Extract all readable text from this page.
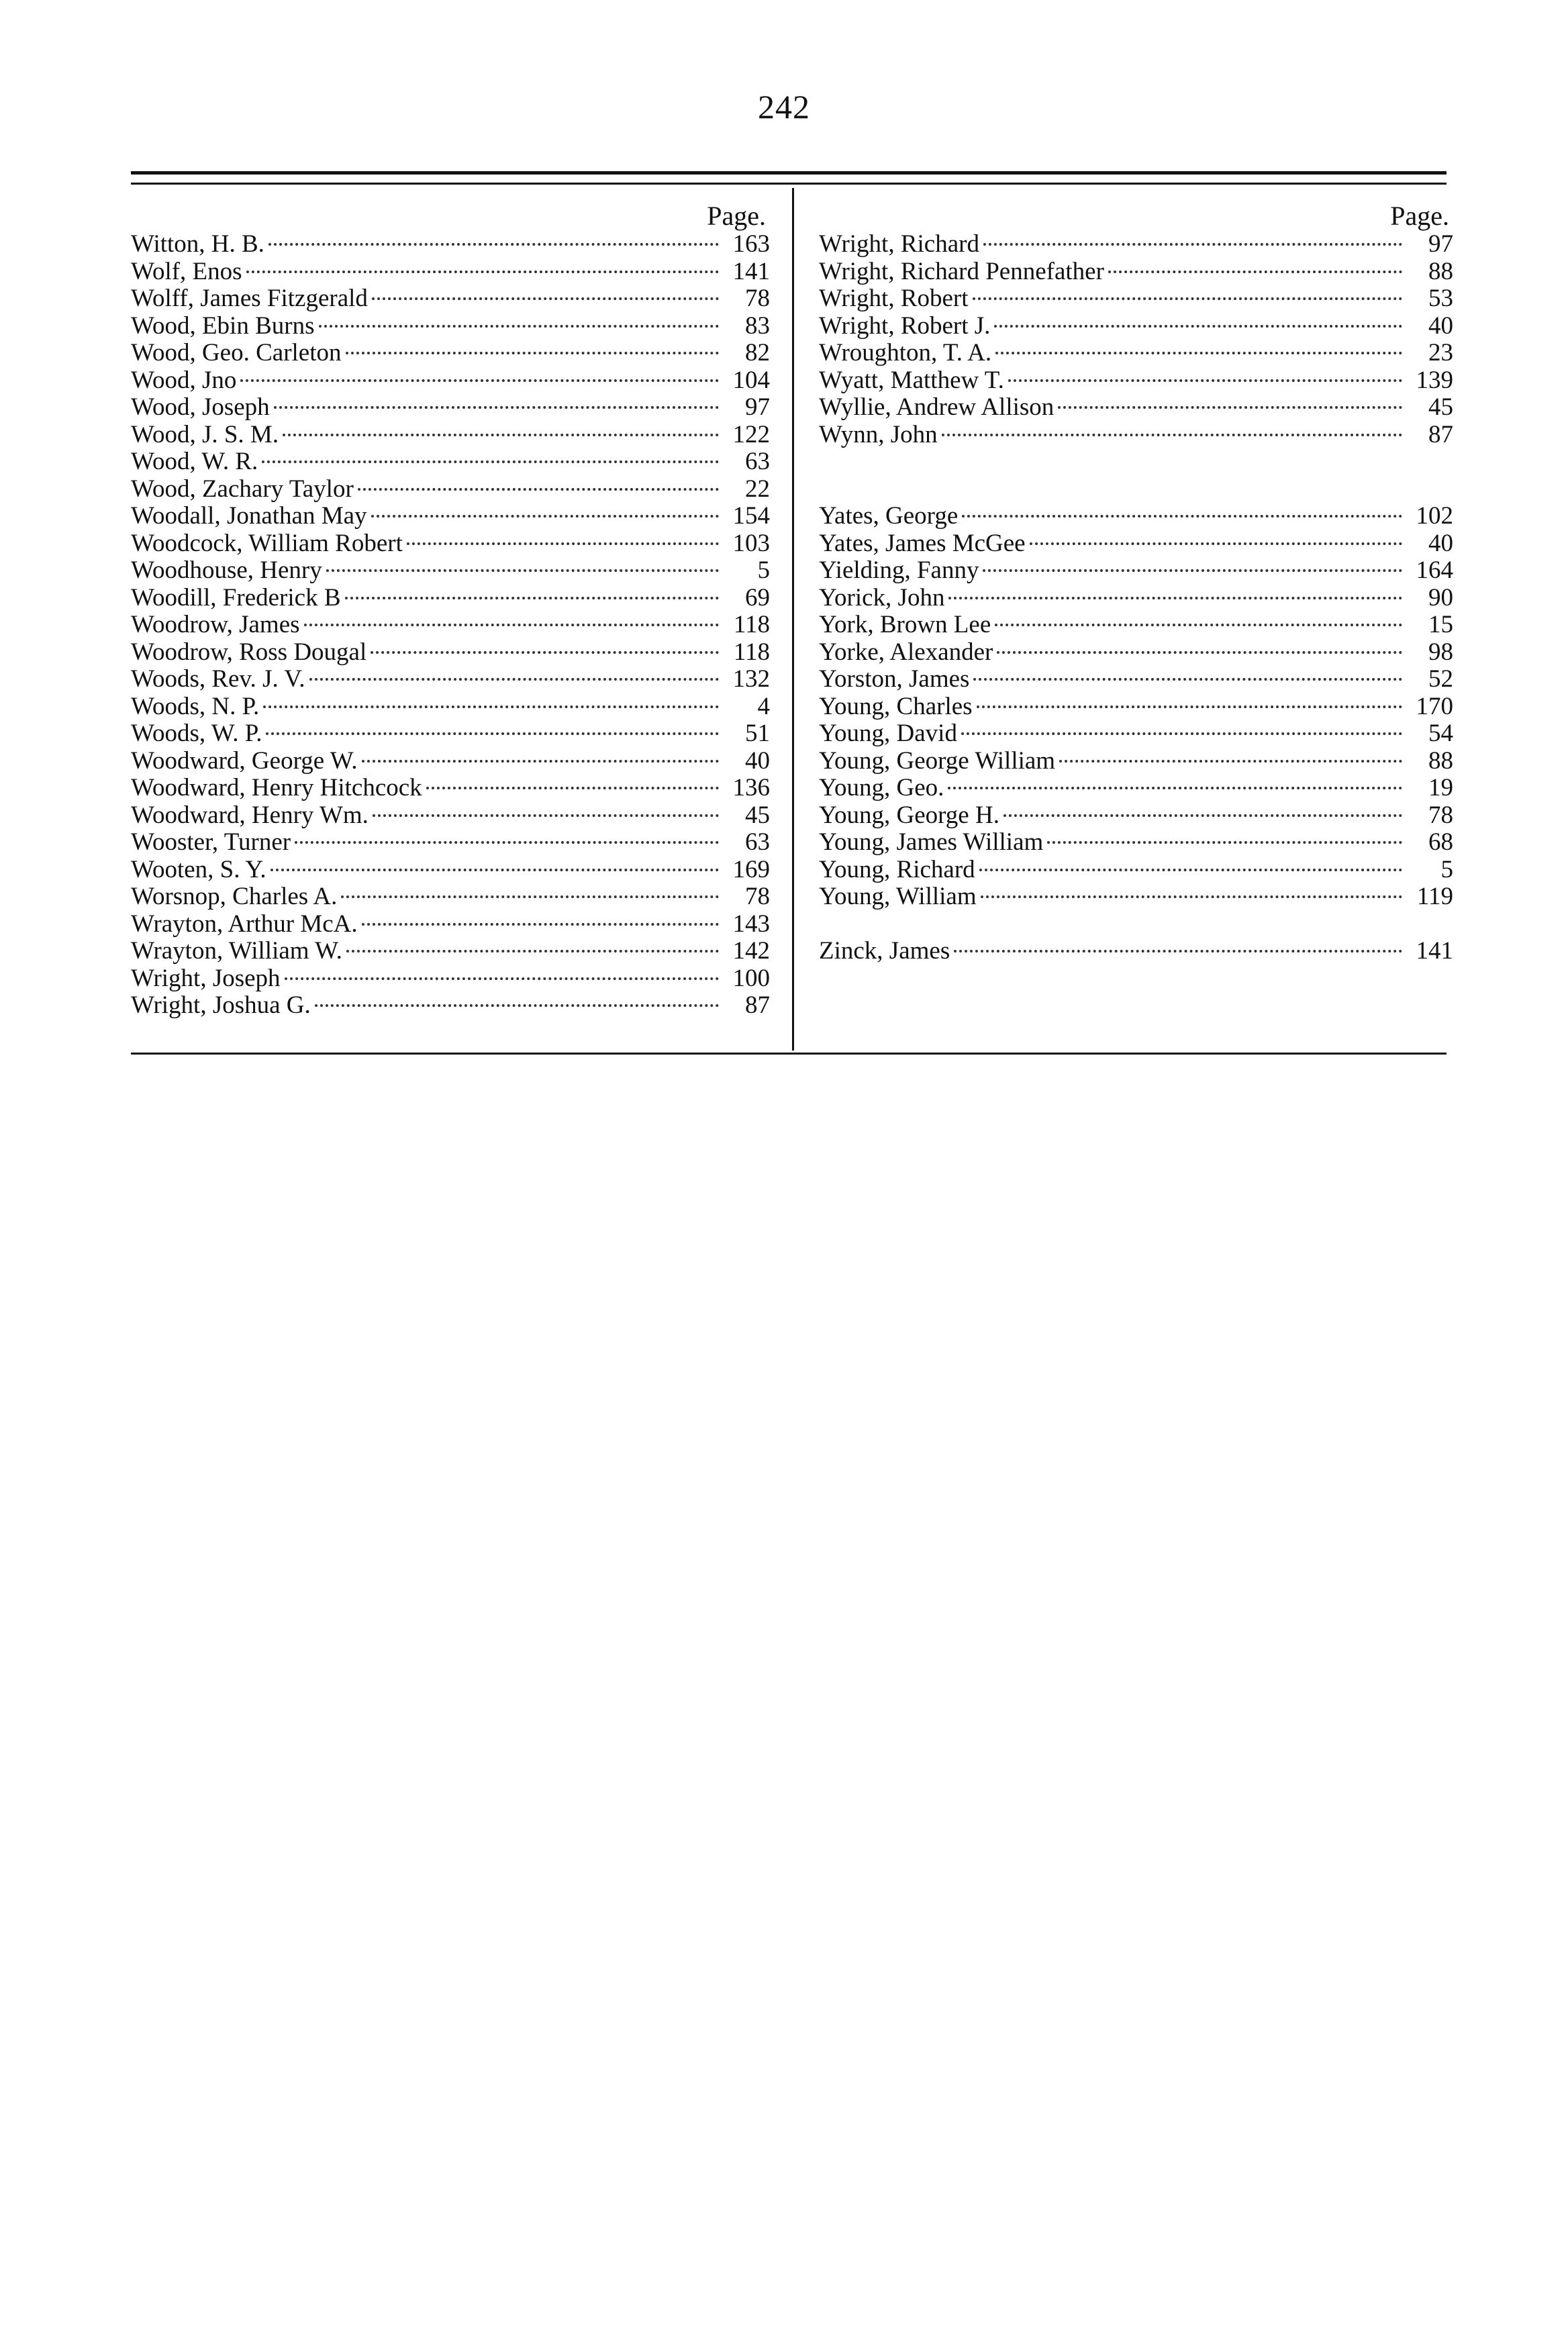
242
Page.
Witton, H. B.	163
Wolf, Enos	141
Wolff, James Fitzgerald	78
Wood, Ebin Burns	83
Wood, Geo. Carleton	82
Wood, Jno	104
Wood, Joseph	97
Wood, J. S. M.	122
Wood, W. R.	63
Wood, Zachary Taylor	22
Woodall, Jonathan May	154
Woodcock, William Robert	103
Woodhouse, Henry	5
Woodill, Frederick B	69
Woodrow, James	118
Woodrow, Ross Dougal	118
Woods, Rev. J. V.	132
Woods, N. P.	4
Woods, W. P.	51
Woodward, George W.	40
Woodward, Henry Hitchcock	136
Woodward, Henry Wm.	45
Wooster, Turner	63
Wooten, S. Y.	169
Worsnop, Charles A.	78
Wrayton, Arthur McA.	143
Wrayton, William W.	142
Wright, Joseph	100
Wright, Joshua G.	87
Page.
Wright, Richard	97
Wright, Richard Pennefather	88
Wright, Robert	53
Wright, Robert J.	40
Wroughton, T. A.	23
Wyatt, Matthew T.	139
Wyllie, Andrew Allison	45
Wynn, John	87
Yates, George	102
Yates, James McGee	40
Yielding, Fanny	164
Yorick, John	90
York, Brown Lee	15
Yorke, Alexander	98
Yorston, James	52
Young, Charles	170
Young, David	54
Young, George William	88
Young, Geo.	19
Young, George H.	78
Young, James William	68
Young, Richard	5
Young, William	119
Zinck, James	141
